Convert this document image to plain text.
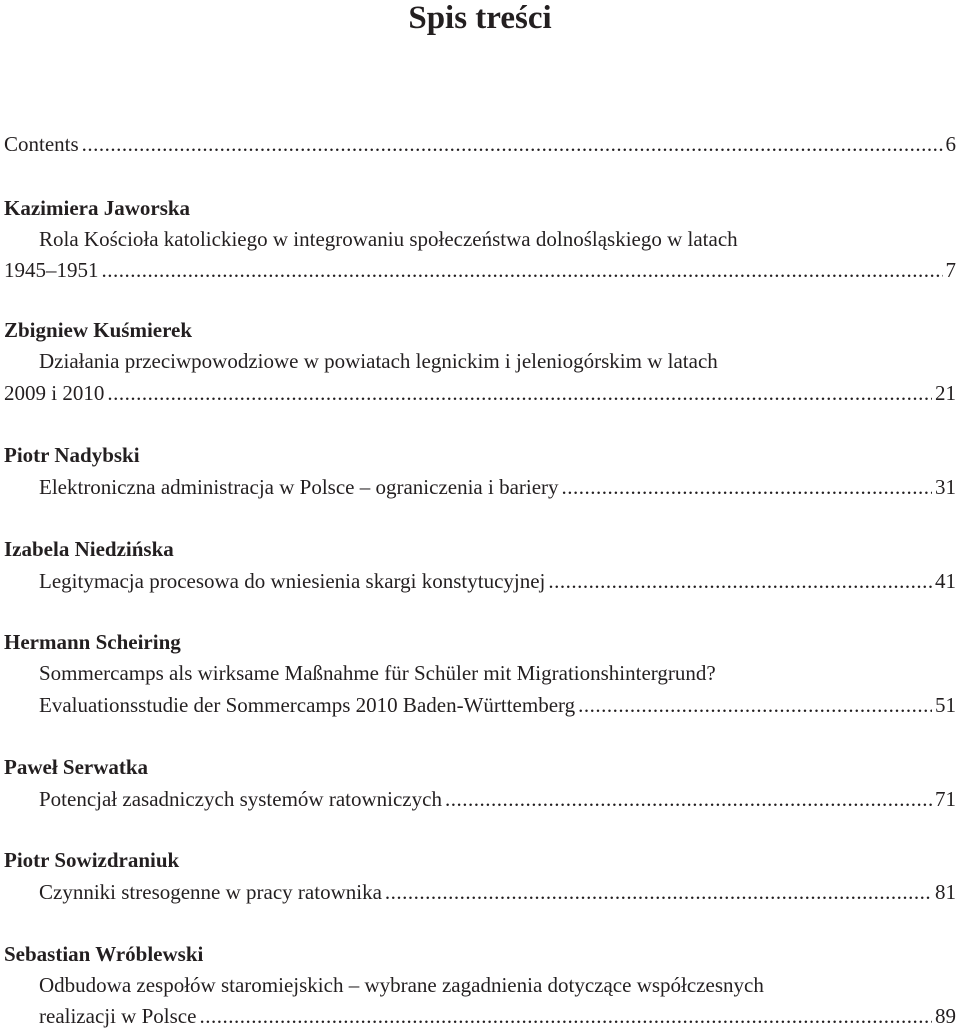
Spis treści
Contents .....	6
Kazimiera Jaworska
Rola Kościoła katolickiego w integrowaniu społeczeństwa dolnośląskiego w latach
1945–1951 .....	7
Zbigniew Kuśmierek
Działania przeciwpowodziowe w powiatach legnickim i jeleniogórskim w latach
2009 i 2010 .....	21
Piotr Nadybski
Elektroniczna administracja w Polsce – ograniczenia i bariery .....	31
Izabela Niedzińska
Legitymacja procesowa do wniesienia skargi konstytucyjnej .....	41
Hermann Scheiring
Sommercamps als wirksame Maßnahme für Schüler mit Migrationshintergrund?
Evaluationsstudie der Sommercamps 2010 Baden-Württemberg .....	51
Paweł Serwatka
Potencjał zasadniczych systemów ratowniczych .....	71
Piotr Sowizdraniuk
Czynniki stresogenne w pracy ratownika .....	81
Sebastian Wróblewski
Odbudowa zespołów staromiejskich – wybrane zagadnienia dotyczące współczesnych
realizacji w Polsce .....	89
